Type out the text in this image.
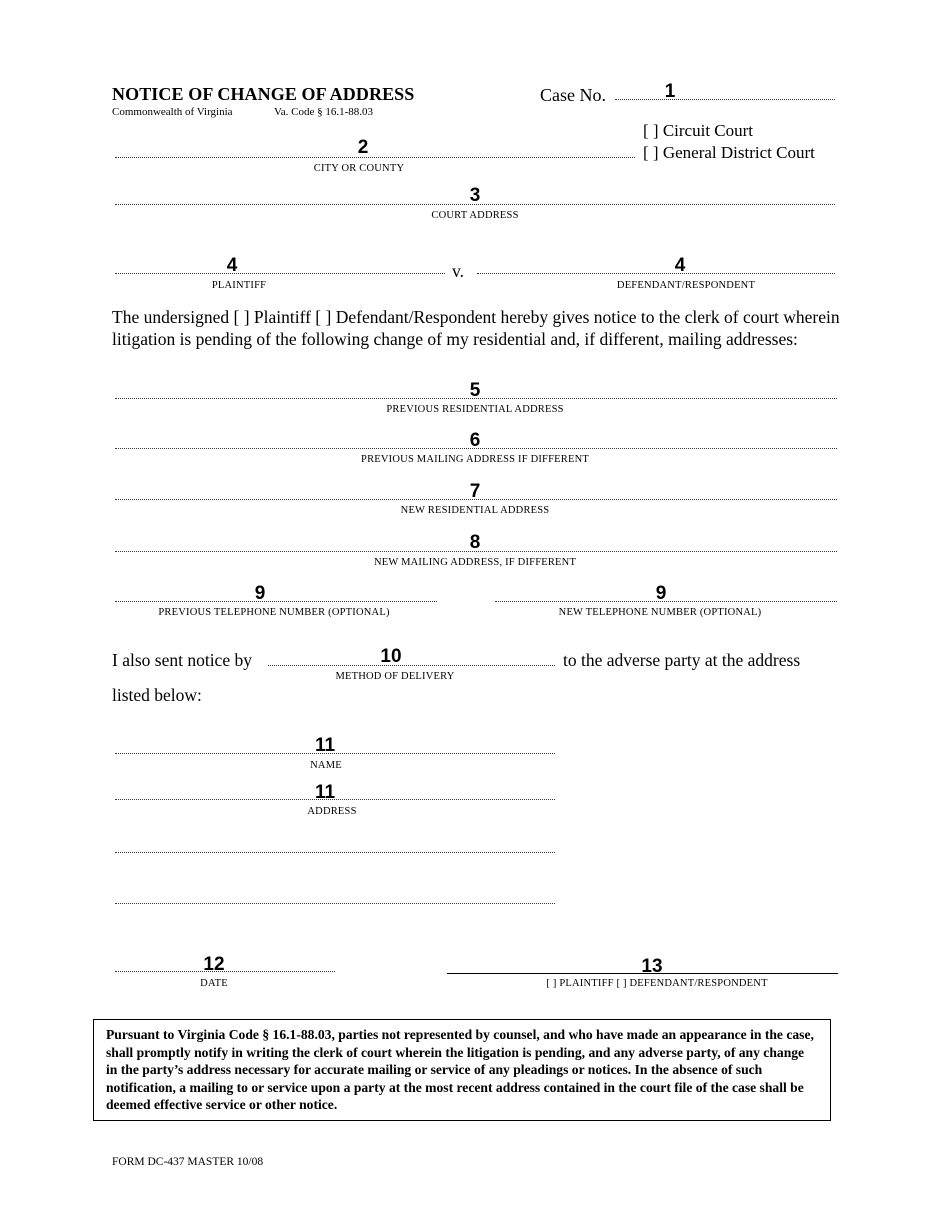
NOTICE OF CHANGE OF ADDRESS
Commonwealth of Virginia	Va. Code § 16.1-88.03
Case No.	1
[ ] Circuit Court
[ ] General District Court
2
CITY OR COUNTY
3
COURT ADDRESS
4
PLAINTIFF
v.	4
DEFENDANT/RESPONDENT
The undersigned [ ] Plaintiff [ ] Defendant/Respondent hereby gives notice to the clerk of court wherein litigation is pending of the following change of my residential and, if different, mailing addresses:
5
PREVIOUS RESIDENTIAL ADDRESS
6
PREVIOUS MAILING ADDRESS IF DIFFERENT
7
NEW RESIDENTIAL ADDRESS
8
NEW MAILING ADDRESS, IF DIFFERENT
9
PREVIOUS TELEPHONE NUMBER (OPTIONAL)
9
NEW TELEPHONE NUMBER (OPTIONAL)
I also sent notice by	10	to the adverse party at the address
METHOD OF DELIVERY
listed below:
11
NAME
11
ADDRESS
12
DATE
13
[ ] PLAINTIFF [ ] DEFENDANT/RESPONDENT
Pursuant to Virginia Code § 16.1-88.03, parties not represented by counsel, and who have made an appearance in the case, shall promptly notify in writing the clerk of court wherein the litigation is pending, and any adverse party, of any change in the party’s address necessary for accurate mailing or service of any pleadings or notices. In the absence of such notification, a mailing to or service upon a party at the most recent address contained in the court file of the case shall be deemed effective service or other notice.
FORM DC-437 MASTER 10/08
